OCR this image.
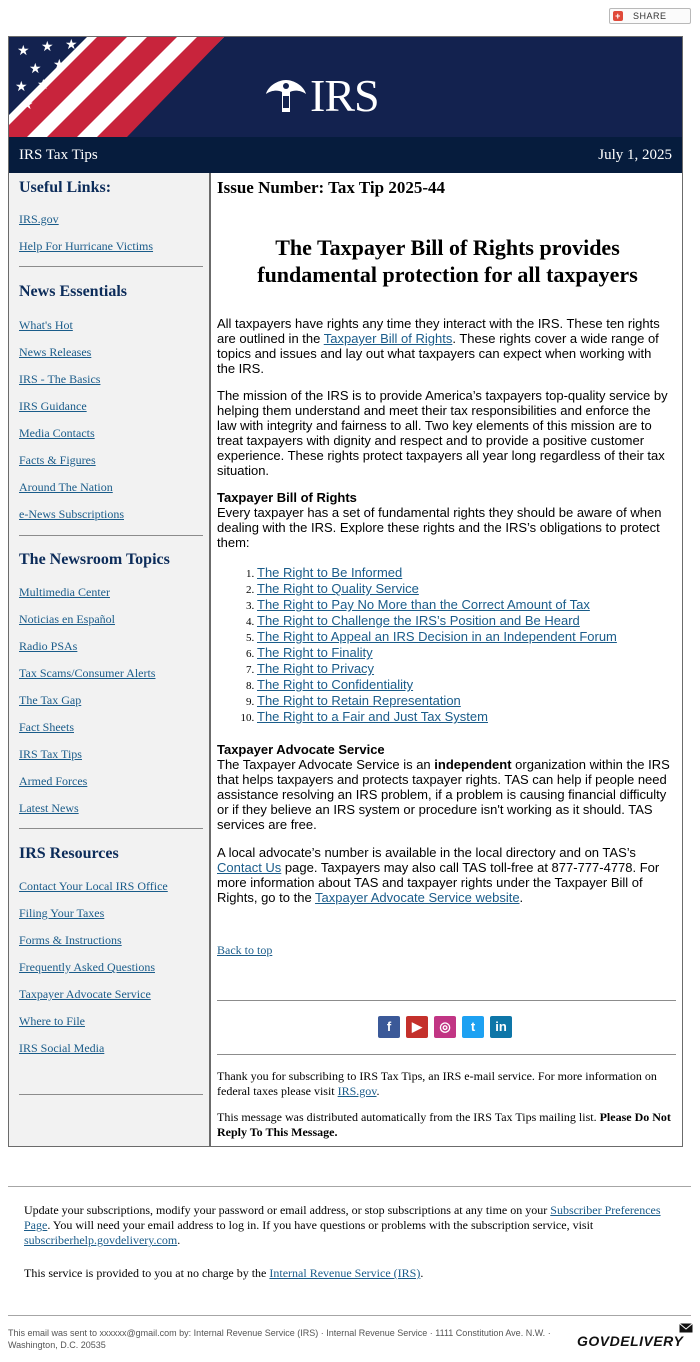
+ SHARE
★ ★ ★
★ ★
★ ★
★	IRS
IRS Tax Tips	July 1, 2025
Useful Links:
IRS.gov
Help For Hurricane Victims
News Essentials
What's Hot
News Releases
IRS - The Basics
IRS Guidance
Media Contacts
Facts & Figures
Around The Nation
e-News Subscriptions
The Newsroom Topics
Multimedia Center
Noticias en Español
Radio PSAs
Tax Scams/Consumer Alerts
The Tax Gap
Fact Sheets
IRS Tax Tips
Armed Forces
Latest News
IRS Resources
Contact Your Local IRS Office
Filing Your Taxes
Forms & Instructions
Frequently Asked Questions
Taxpayer Advocate Service
Where to File
IRS Social Media
Issue Number: Tax Tip 2025-44
The Taxpayer Bill of Rights provides fundamental protection for all taxpayers

All taxpayers have rights any time they interact with the IRS. These ten rights are outlined in the Taxpayer Bill of Rights. These rights cover a wide range of topics and issues and lay out what taxpayers can expect when working with the IRS.

The mission of the IRS is to provide America’s taxpayers top-quality service by helping them understand and meet their tax responsibilities and enforce the law with integrity and fairness to all. Two key elements of this mission are to treat taxpayers with dignity and respect and to provide a positive customer experience. These rights protect taxpayers all year long regardless of their tax situation.

Taxpayer Bill of Rights

Every taxpayer has a set of fundamental rights they should be aware of when dealing with the IRS. Explore these rights and the IRS’s obligations to protect them:

1. The Right to Be Informed
2. The Right to Quality Service
3. The Right to Pay No More than the Correct Amount of Tax
4. The Right to Challenge the IRS’s Position and Be Heard
5. The Right to Appeal an IRS Decision in an Independent Forum
6. The Right to Finality
7. The Right to Privacy
8. The Right to Confidentiality
9. The Right to Retain Representation
10. The Right to a Fair and Just Tax System
Taxpayer Advocate Service

The Taxpayer Advocate Service is an independent organization within the IRS that helps taxpayers and protects taxpayer rights. TAS can help if people need assistance resolving an IRS problem, if a problem is causing financial difficulty or if they believe an IRS system or procedure isn't working as it should. TAS services are free.

A local advocate’s number is available in the local directory and on TAS’s Contact Us page. Taxpayers may also call TAS toll-free at 877-777-4778. For more information about TAS and taxpayer rights under the Taxpayer Bill of Rights, go to the Taxpayer Advocate Service website.

Back to top
f	▶	◎	t	in

Thank you for subscribing to IRS Tax Tips, an IRS e-mail service. For more information on federal taxes please visit IRS.gov.

This message was distributed automatically from the IRS Tax Tips mailing list. Please Do Not Reply To This Message.

Update your subscriptions, modify your password or email address, or stop subscriptions at any time on your Subscriber Preferences Page. You will need your email address to log in. If you have questions or problems with the subscription service, visit subscriberhelp.govdelivery.com.

This service is provided to you at no charge by the Internal Revenue Service (IRS).

This email was sent to xxxxxx@gmail.com by: Internal Revenue Service (IRS) · Internal Revenue Service · 1111 Constitution Ave. N.W. · Washington, D.C. 20535	GOVDELIVERY
